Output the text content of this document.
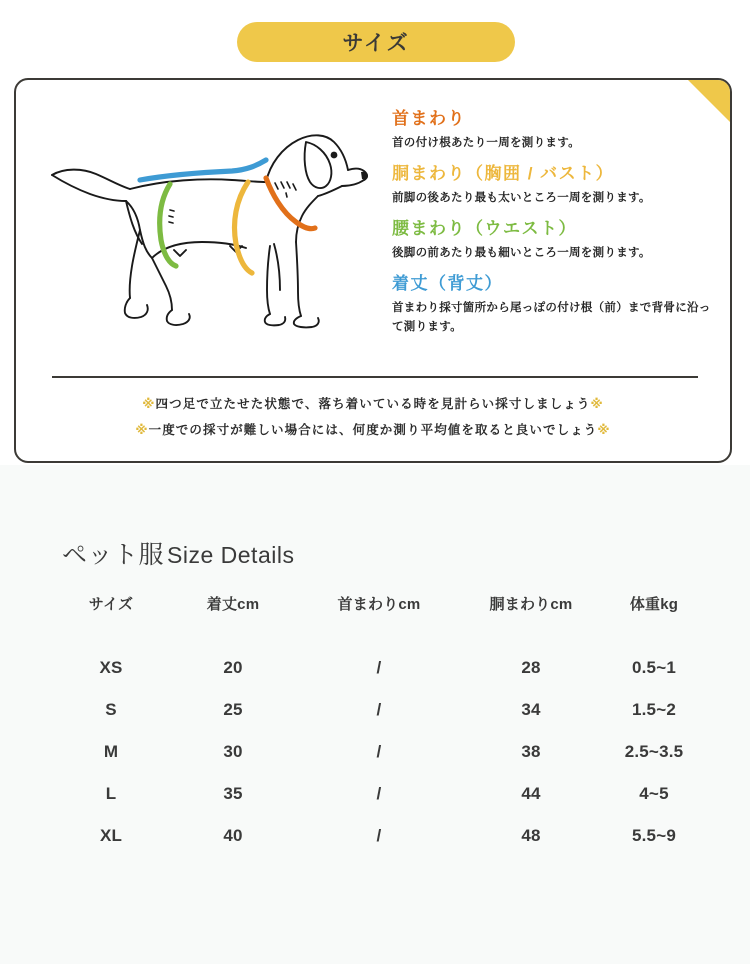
サイズ
首まわり
首の付け根あたり一周を測ります。
胴まわり（胸囲 / バスト）
前脚の後あたり最も太いところ一周を測ります。
腰まわり（ウエスト）
後脚の前あたり最も細いところ一周を測ります。
着丈（背丈）
首まわり採寸箇所から尾っぽの付け根（前）まで背骨に沿って測ります。
※四つ足で立たせた状態で、落ち着いている時を見計らい採寸しましょう※
※一度での採寸が難しい場合には、何度か測り平均値を取ると良いでしょう※
ペット服 Size Details
サイズ	着丈cm	首まわりcm	胴まわりcm	体重kg
XS	20	/	28	0.5~1
S	25	/	34	1.5~2
M	30	/	38	2.5~3.5
L	35	/	44	4~5
XL	40	/	48	5.5~9
